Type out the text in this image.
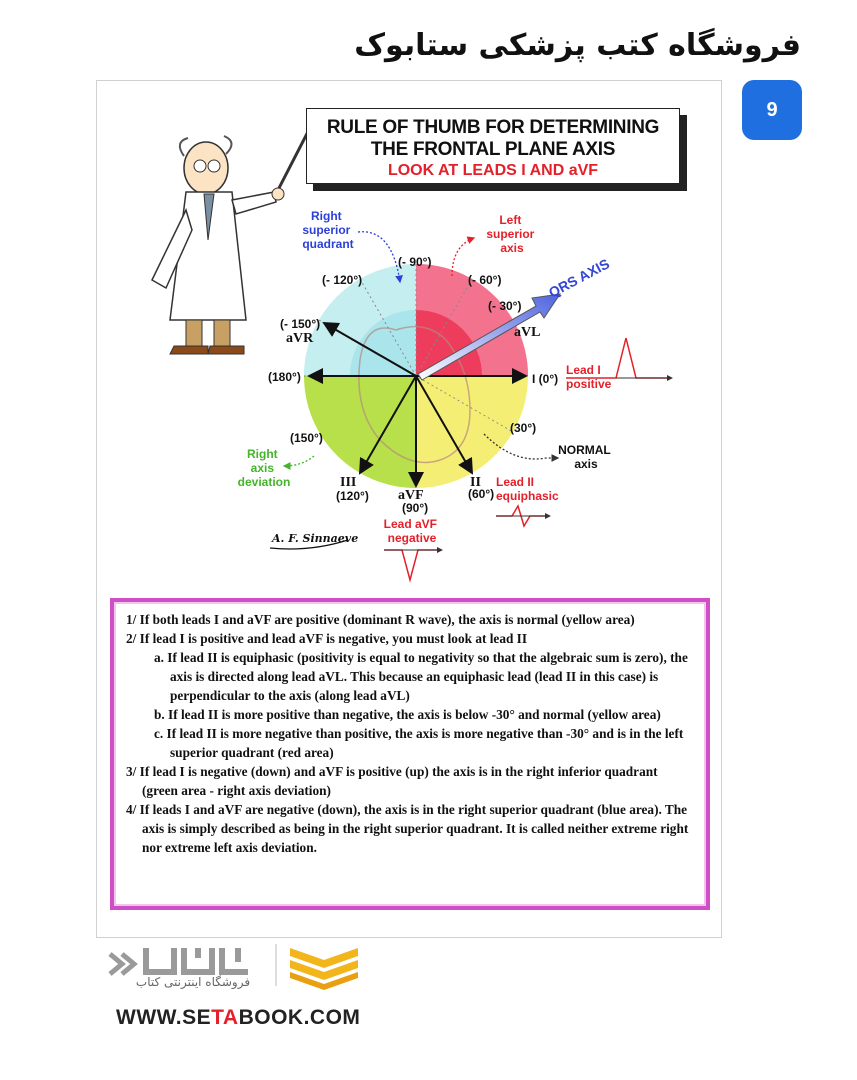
فروشگاه کتب پزشکی ستابوک
9
QRS AXIS
(- 90°)
(- 120°)	(- 60°)
(- 30°)
(- 150°)
(180°)	I (0°)
(30°)
(150°)
(120°)
(90°)
(60°)
aVR	aVL
III
aVF
II
Right superior quadrant
Left superior axis
Right axis deviation
NORMAL axis
Lead I positive
Lead aVF negative
Lead II equiphasic
A. F. Sinnaeve
RULE OF THUMB FOR DETERMINING
THE FRONTAL PLANE AXIS
LOOK AT LEADS I AND aVF

1/ If both leads I and aVF are positive (dominant R wave), the axis is normal (yellow area)

2/ If lead I is positive and lead aVF is negative, you must look at lead II

a. If lead II is equiphasic (positivity is equal to negativity so that the algebraic sum is zero), the axis is directed along lead aVL. This because an equiphasic lead (lead II in this case) is perpendicular to the axis (along lead aVL)

b. If lead II is more positive than negative, the axis is below -30° and normal (yellow area)

c. If lead II is more negative than positive, the axis is more negative than -30° and is in the left superior quadrant (red area)

3/ If lead I is negative (down) and aVF is positive (up) the axis is in the right inferior quadrant (green area - right axis deviation)

4/ If leads I and aVF are negative (down), the axis is in the right superior quadrant (blue area). The axis is simply described as being in the right superior quadrant. It is called neither extreme right nor extreme left axis deviation.

فروشگاه اینترنتی کتاب
WWW.SETABOOK.COM
